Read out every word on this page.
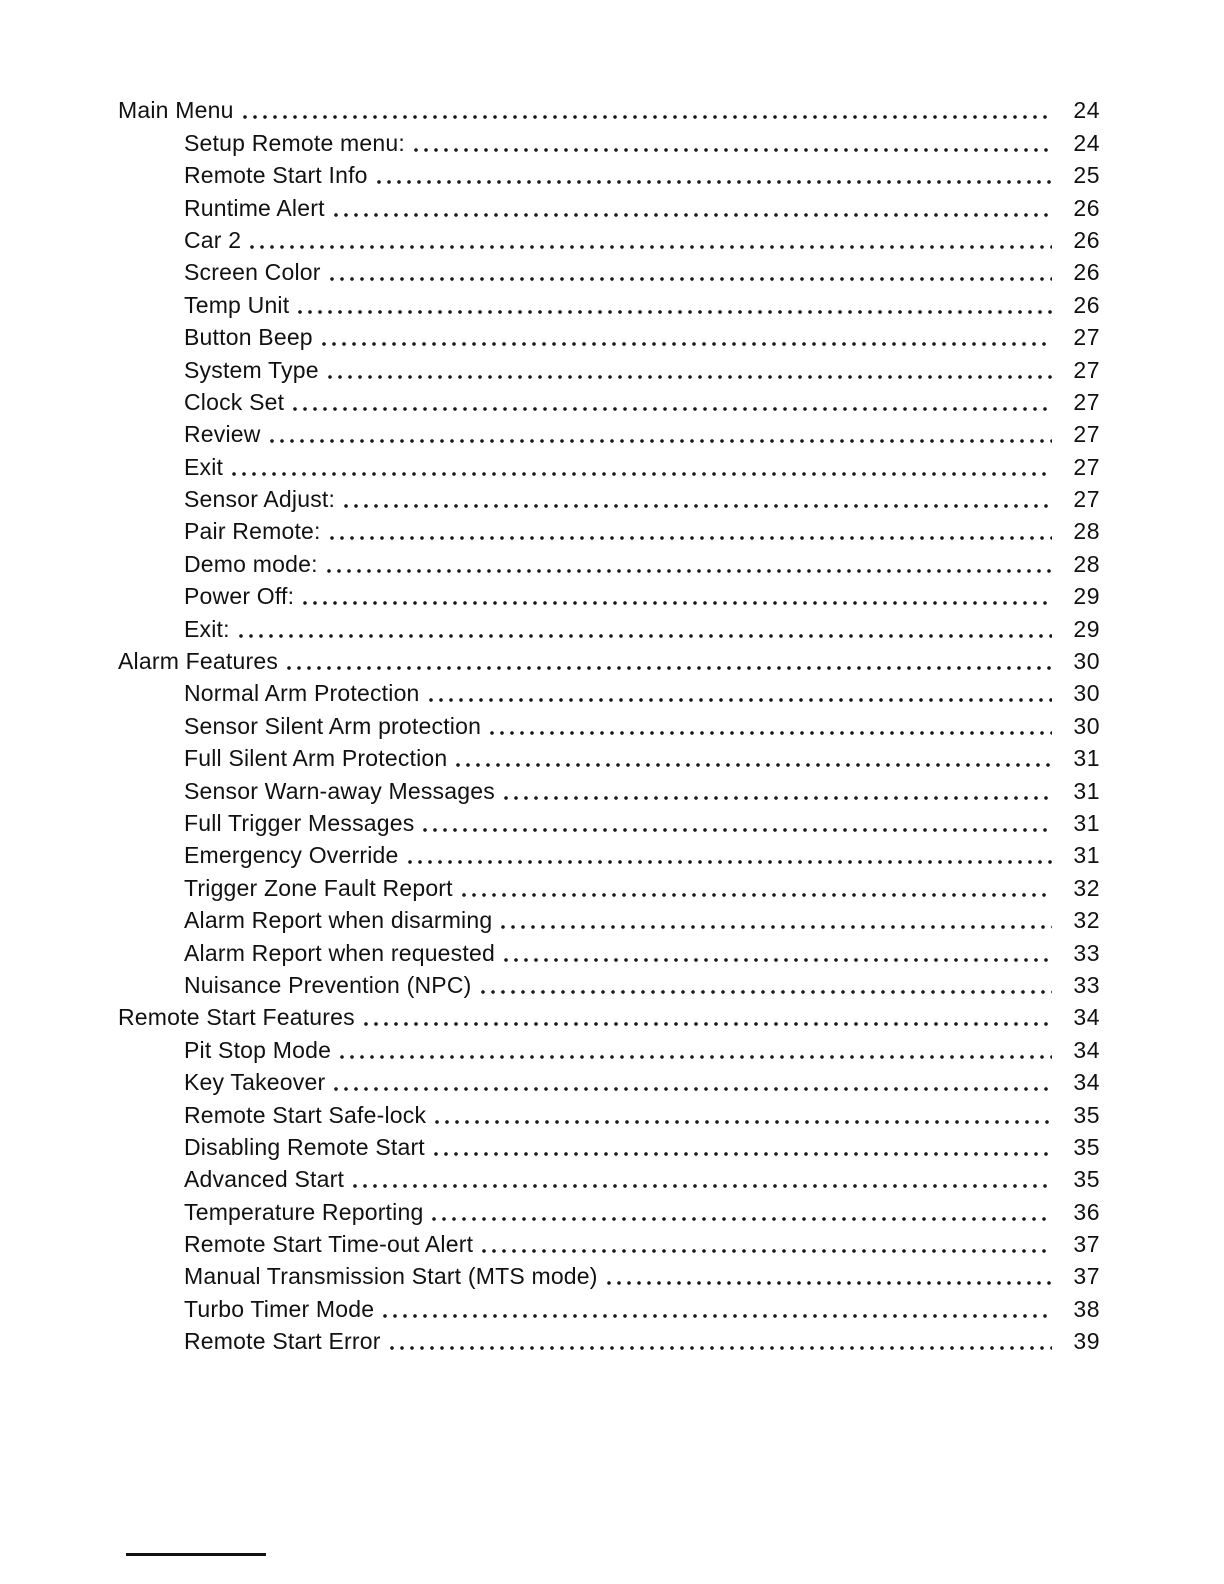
Main Menu	24
Setup Remote menu:	24
Remote Start Info	25
Runtime Alert	26
Car 2	26
Screen Color	26
Temp Unit	26
Button Beep	27
System Type	27
Clock Set	27
Review	27
Exit	27
Sensor Adjust:	27
Pair Remote:	28
Demo mode:	28
Power Off:	29
Exit:	29
Alarm Features	30
Normal Arm Protection	30
Sensor Silent Arm protection	30
Full Silent Arm Protection	31
Sensor Warn-away Messages	31
Full Trigger Messages	31
Emergency Override	31
Trigger Zone Fault Report	32
Alarm Report when disarming	32
Alarm Report when requested	33
Nuisance Prevention (NPC)	33
Remote Start Features	34
Pit Stop Mode	34
Key Takeover	34
Remote Start Safe-lock	35
Disabling Remote Start	35
Advanced Start	35
Temperature Reporting	36
Remote Start Time-out Alert	37
Manual Transmission Start (MTS mode)	37
Turbo Timer Mode	38
Remote Start Error	39
